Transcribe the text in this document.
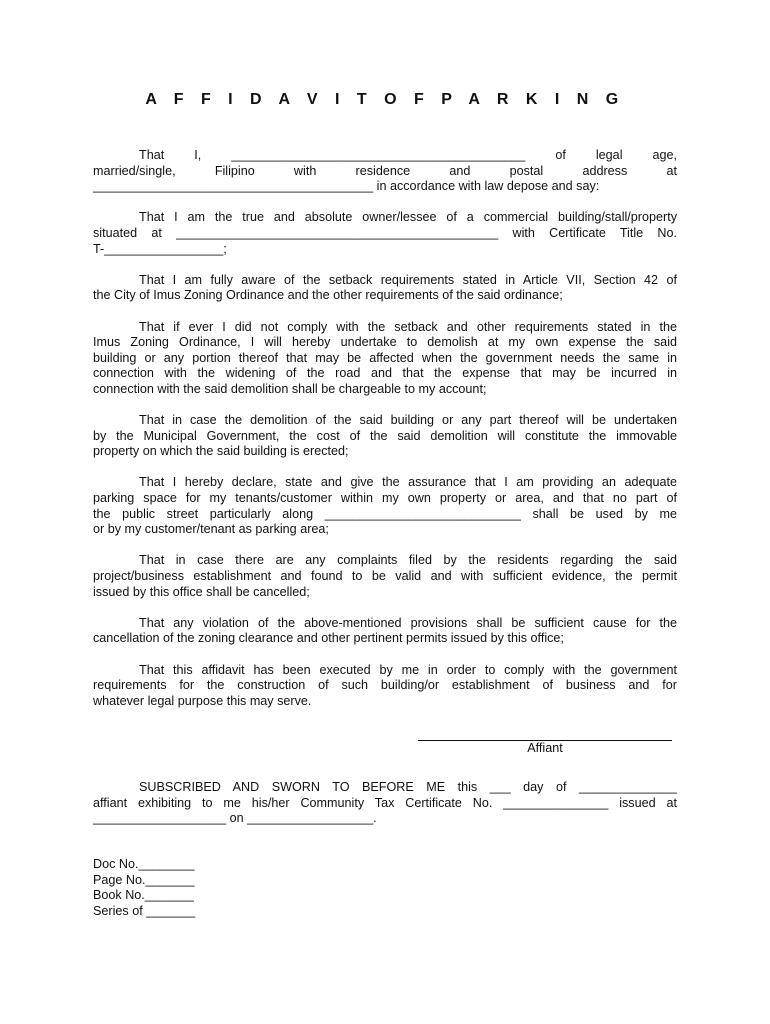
A F F I D A V I T O F P A R K I N G
That I, __________________________________________ of legal age,
married/single, Filipino with residence and postal address at
________________________________________ in accordance with law depose and say:
That I am the true and absolute owner/lessee of a commercial building/stall/property
situated at ______________________________________________ with Certificate Title No.
T-_________________;
That I am fully aware of the setback requirements stated in Article VII, Section 42 of
the City of Imus Zoning Ordinance and the other requirements of the said ordinance;
That if ever I did not comply with the setback and other requirements stated in the
Imus Zoning Ordinance, I will hereby undertake to demolish at my own expense the said
building or any portion thereof that may be affected when the government needs the same in
connection with the widening of the road and that the expense that may be incurred in
connection with the said demolition shall be chargeable to my account;
That in case the demolition of the said building or any part thereof will be undertaken
by the Municipal Government, the cost of the said demolition will constitute the immovable
property on which the said building is erected;
That I hereby declare, state and give the assurance that I am providing an adequate
parking space for my tenants/customer within my own property or area, and that no part of
the public street particularly along ____________________________ shall be used by me
or by my customer/tenant as parking area;
That in case there are any complaints filed by the residents regarding the said
project/business establishment and found to be valid and with sufficient evidence, the permit
issued by this office shall be cancelled;
That any violation of the above-mentioned provisions shall be sufficient cause for the
cancellation of the zoning clearance and other pertinent permits issued by this office;
That this affidavit has been executed by me in order to comply with the government
requirements for the construction of such building/or establishment of business and for
whatever legal purpose this may serve.
Affiant
SUBSCRIBED AND SWORN TO BEFORE ME this ___ day of ______________
affiant exhibiting to me his/her Community Tax Certificate No. _______________ issued at
___________________ on __________________.
Doc No.________
Page No._______
Book No._______
Series of _______
